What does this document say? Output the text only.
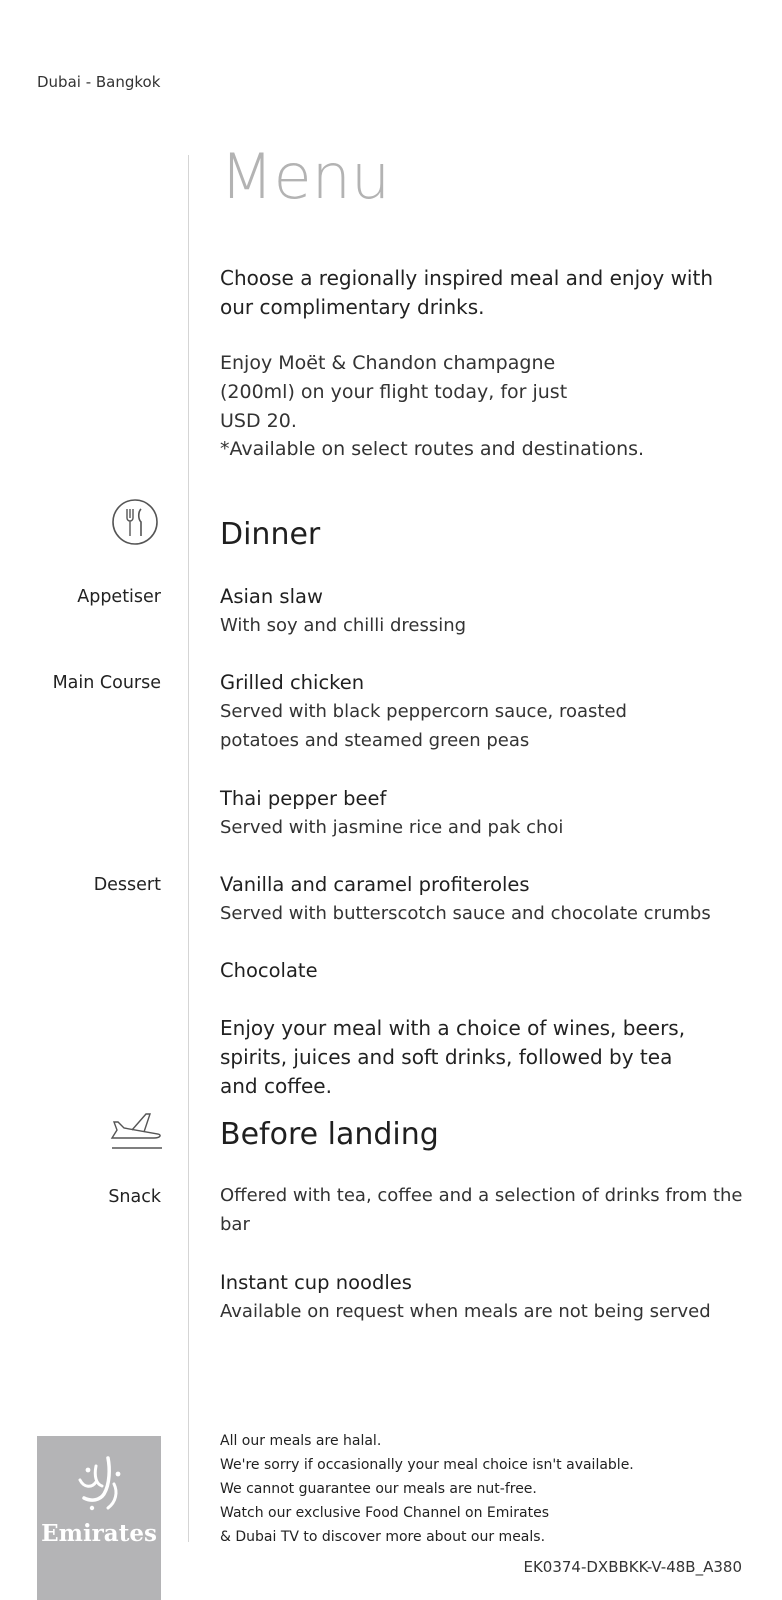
Dubai - Bangkok
Menu
Choose a regionally inspired meal and enjoy with our complimentary drinks.
Enjoy Moët & Chandon champagne (200ml) on your flight today, for just USD 20.
*Available on select routes and destinations.
Dinner
Appetiser	Asian slaw
With soy and chilli dressing
Main Course	Grilled chicken
Served with black peppercorn sauce, roasted potatoes and steamed green peas
Thai pepper beef
Served with jasmine rice and pak choi
Dessert	Vanilla and caramel profiteroles
Served with butterscotch sauce and chocolate crumbs
Chocolate
Enjoy your meal with a choice of wines, beers, spirits, juices and soft drinks, followed by tea and coffee.
Before landing
Snack	Offered with tea, coffee and a selection of drinks from the bar
Instant cup noodles
Available on request when meals are not being served
All our meals are halal.
We're sorry if occasionally your meal choice isn't available.
We cannot guarantee our meals are nut-free.
Watch our exclusive Food Channel on Emirates
& Dubai TV to discover more about our meals.
EK0374-DXBBKK-V-48B_A380
Emirates
